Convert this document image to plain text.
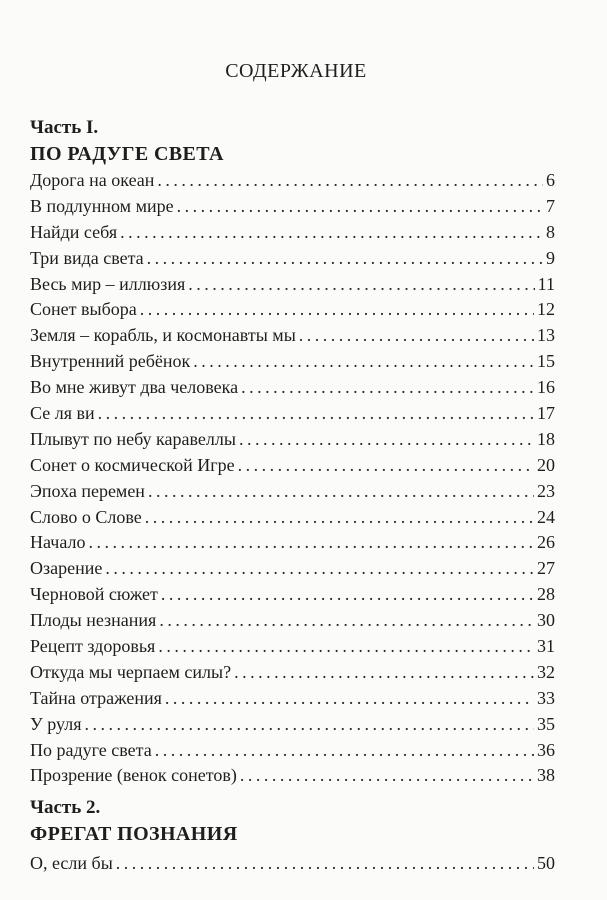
СОДЕРЖАНИЕ
Часть I.
ПО РАДУГЕ СВЕТА
Дорога на океан .....	6
В подлунном мире .....	7
Найди себя .....	8
Три вида света .....	9
Весь мир – иллюзия .....	11
Сонет выбора .....	12
Земля – корабль, и космонавты мы .....	13
Внутренний ребёнок .....	15
Во мне живут два человека .....	16
Се ля ви .....	17
Плывут по небу каравеллы .....	18
Сонет о космической Игре .....	20
Эпоха перемен .....	23
Слово о Слове .....	24
Начало .....	26
Озарение .....	27
Черновой сюжет .....	28
Плоды незнания .....	30
Рецепт здоровья .....	31
Откуда мы черпаем силы? .....	32
Тайна отражения .....	33
У руля .....	35
По радуге света .....	36
Прозрение (венок сонетов) .....	38
Часть 2.
ФРЕГАТ ПОЗНАНИЯ
О, если бы .....	50
